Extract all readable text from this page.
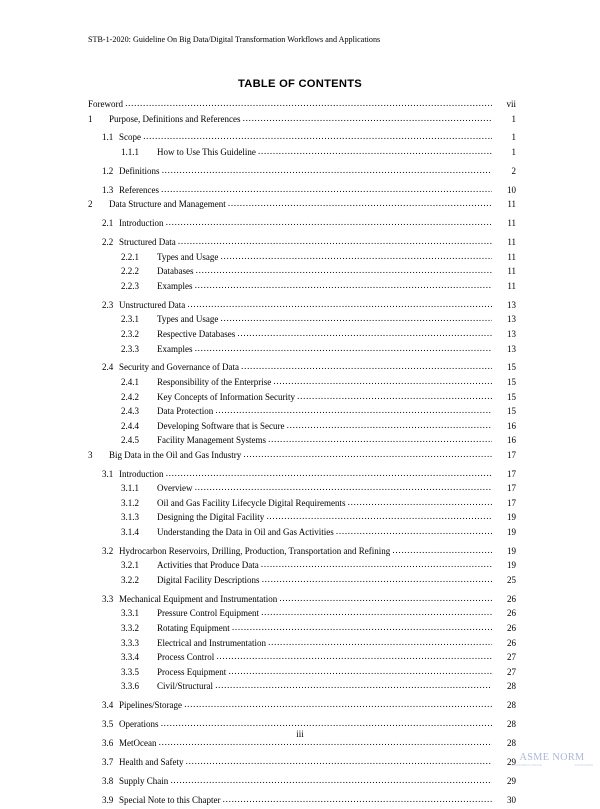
STB-1-2020: Guideline On Big Data/Digital Transformation Workflows and Applications
TABLE OF CONTENTS
Foreword .....	vii
1	Purpose, Definitions and References .....	1
1.1 Scope .....	1
1.1.1	How to Use This Guideline .....	1
1.2 Definitions .....	2
1.3 References .....	10
2	Data Structure and Management .....	11
2.1 Introduction .....	11
2.2 Structured Data .....	11
2.2.1	Types and Usage .....	11
2.2.2	Databases .....	11
2.2.3	Examples .....	11
2.3 Unstructured Data .....	13
2.3.1	Types and Usage .....	13
2.3.2	Respective Databases .....	13
2.3.3	Examples .....	13
2.4 Security and Governance of Data .....	15
2.4.1	Responsibility of the Enterprise .....	15
2.4.2	Key Concepts of Information Security .....	15
2.4.3	Data Protection .....	15
2.4.4	Developing Software that is Secure .....	16
2.4.5	Facility Management Systems .....	16
3	Big Data in the Oil and Gas Industry .....	17
3.1 Introduction .....	17
3.1.1	Overview .....	17
3.1.2	Oil and Gas Facility Lifecycle Digital Requirements .....	17
3.1.3	Designing the Digital Facility .....	19
3.1.4	Understanding the Data in Oil and Gas Activities .....	19
3.2 Hydrocarbon Reservoirs, Drilling, Production, Transportation and Refining .....	19
3.2.1	Activities that Produce Data .....	19
3.2.2	Digital Facility Descriptions .....	25
3.3 Mechanical Equipment and Instrumentation .....	26
3.3.1	Pressure Control Equipment .....	26
3.3.2	Rotating Equipment .....	26
3.3.3	Electrical and Instrumentation .....	26
3.3.4	Process Control .....	27
3.3.5	Process Equipment .....	27
3.3.6	Civil/Structural .....	28
3.4 Pipelines/Storage .....	28
3.5 Operations .....	28
3.6 MetOcean .....	28
3.7 Health and Safety .....	29
3.8 Supply Chain .....	29
3.9 Special Note to this Chapter .....	30
iii
ASME NORM
STANDARDS ONLINE	STANDARDS
